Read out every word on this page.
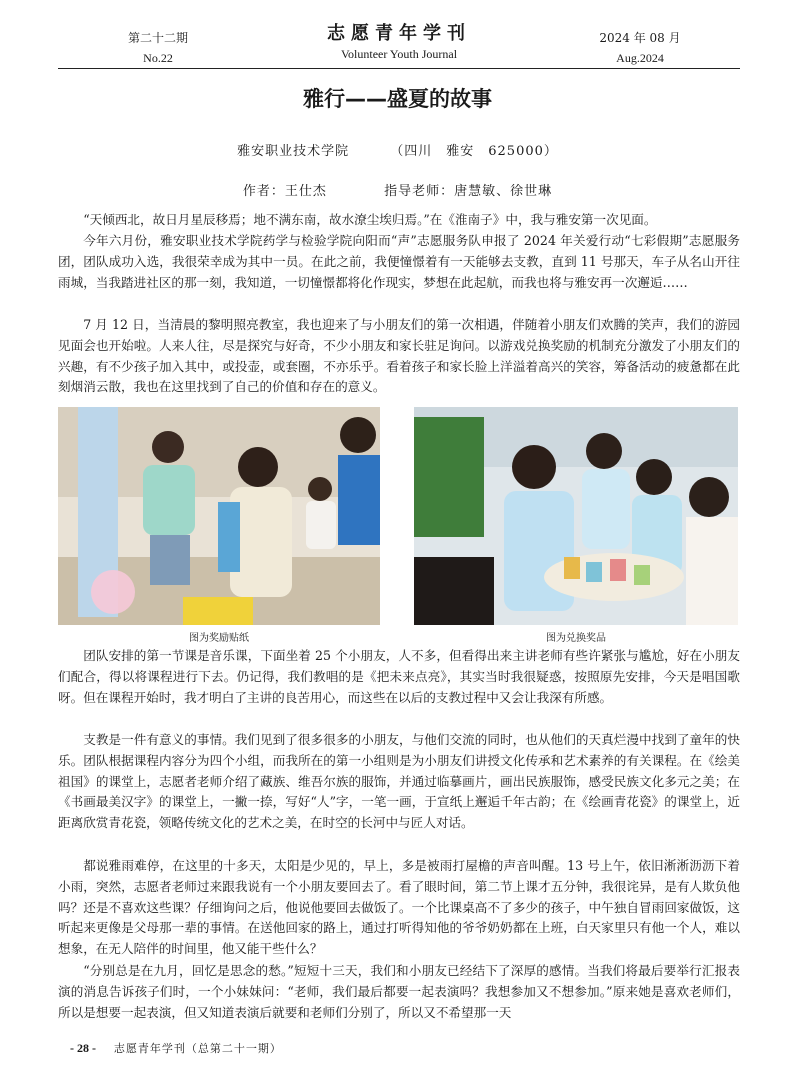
第二十二期
No.22
志愿青年学刊
Volunteer Youth Journal
2024 年 08 月
Aug.2024
雅行——盛夏的故事
雅安职业技术学院	（四川　雅安　625000）
作者：王仕杰	指导老师：唐慧敏、徐世琳

“天倾西北，故日月星辰移焉；地不满东南，故水潦尘埃归焉。”在《淮南子》中，我与雅安第一次见面。

今年六月份，雅安职业技术学院药学与检验学院向阳而“声”志愿服务队申报了 2024 年关爱行动“七彩假期”志愿服务团，团队成功入选，我很荣幸成为其中一员。在此之前，我便憧憬着有一天能够去支教，直到 11 号那天，车子从名山开往雨城，当我踏进社区的那一刻，我知道，一切憧憬都将化作现实，梦想在此起航，而我也将与雅安再一次邂逅……

7 月 12 日，当清晨的黎明照亮教室，我也迎来了与小朋友们的第一次相遇，伴随着小朋友们欢腾的笑声，我们的游园见面会也开始啦。人来人往，尽是探究与好奇，不少小朋友和家长驻足询问。以游戏兑换奖励的机制充分激发了小朋友们的兴趣，有不少孩子加入其中，或投壶，或套圈，不亦乐乎。看着孩子和家长脸上洋溢着高兴的笑容，筹备活动的疲惫都在此刻烟消云散，我也在这里找到了自己的价值和存在的意义。

图为奖励贴纸	图为兑换奖品

团队安排的第一节课是音乐课，下面坐着 25 个小朋友，人不多，但看得出来主讲老师有些许紧张与尴尬，好在小朋友们配合，得以将课程进行下去。仍记得，我们教唱的是《把未来点亮》，其实当时我很疑惑，按照原先安排，今天是唱国歌呀。但在课程开始时，我才明白了主讲的良苦用心，而这些在以后的支教过程中又会让我深有所感。

支教是一件有意义的事情。我们见到了很多很多的小朋友，与他们交流的同时，也从他们的天真烂漫中找到了童年的快乐。团队根据课程内容分为四个小组，而我所在的第一小组则是为小朋友们讲授文化传承和艺术素养的有关课程。在《绘美祖国》的课堂上，志愿者老师介绍了藏族、维吾尔族的服饰，并通过临摹画片，画出民族服饰，感受民族文化多元之美；在《书画最美汉字》的课堂上，一撇一捺，写好“人”字，一笔一画，于宣纸上邂逅千年古韵；在《绘画青花瓷》的课堂上，近距离欣赏青花瓷，领略传统文化的艺术之美，在时空的长河中与匠人对话。

都说雅雨难停，在这里的十多天，太阳是少见的，早上，多是被雨打屋檐的声音叫醒。13 号上午，依旧淅淅沥沥下着小雨，突然，志愿者老师过来跟我说有一个小朋友要回去了。看了眼时间，第二节上课才五分钟，我很诧异，是有人欺负他吗？还是不喜欢这些课？仔细询问之后，他说他要回去做饭了。一个比课桌高不了多少的孩子，中午独自冒雨回家做饭，这听起来更像是父母那一辈的事情。在送他回家的路上，通过打听得知他的爷爷奶奶都在上班，白天家里只有他一个人，难以想象，在无人陪伴的时间里，他又能干些什么？

“分别总是在九月，回忆是思念的愁。”短短十三天，我们和小朋友已经结下了深厚的感情。当我们将最后要举行汇报表演的消息告诉孩子们时，一个小妹妹问：“老师，我们最后都要一起表演吗？我想参加又不想参加。”原来她是喜欢老师们，所以是想要一起表演，但又知道表演后就要和老师们分别了，所以又不希望那一天

- 28 - 志愿青年学刊（总第二十一期）
